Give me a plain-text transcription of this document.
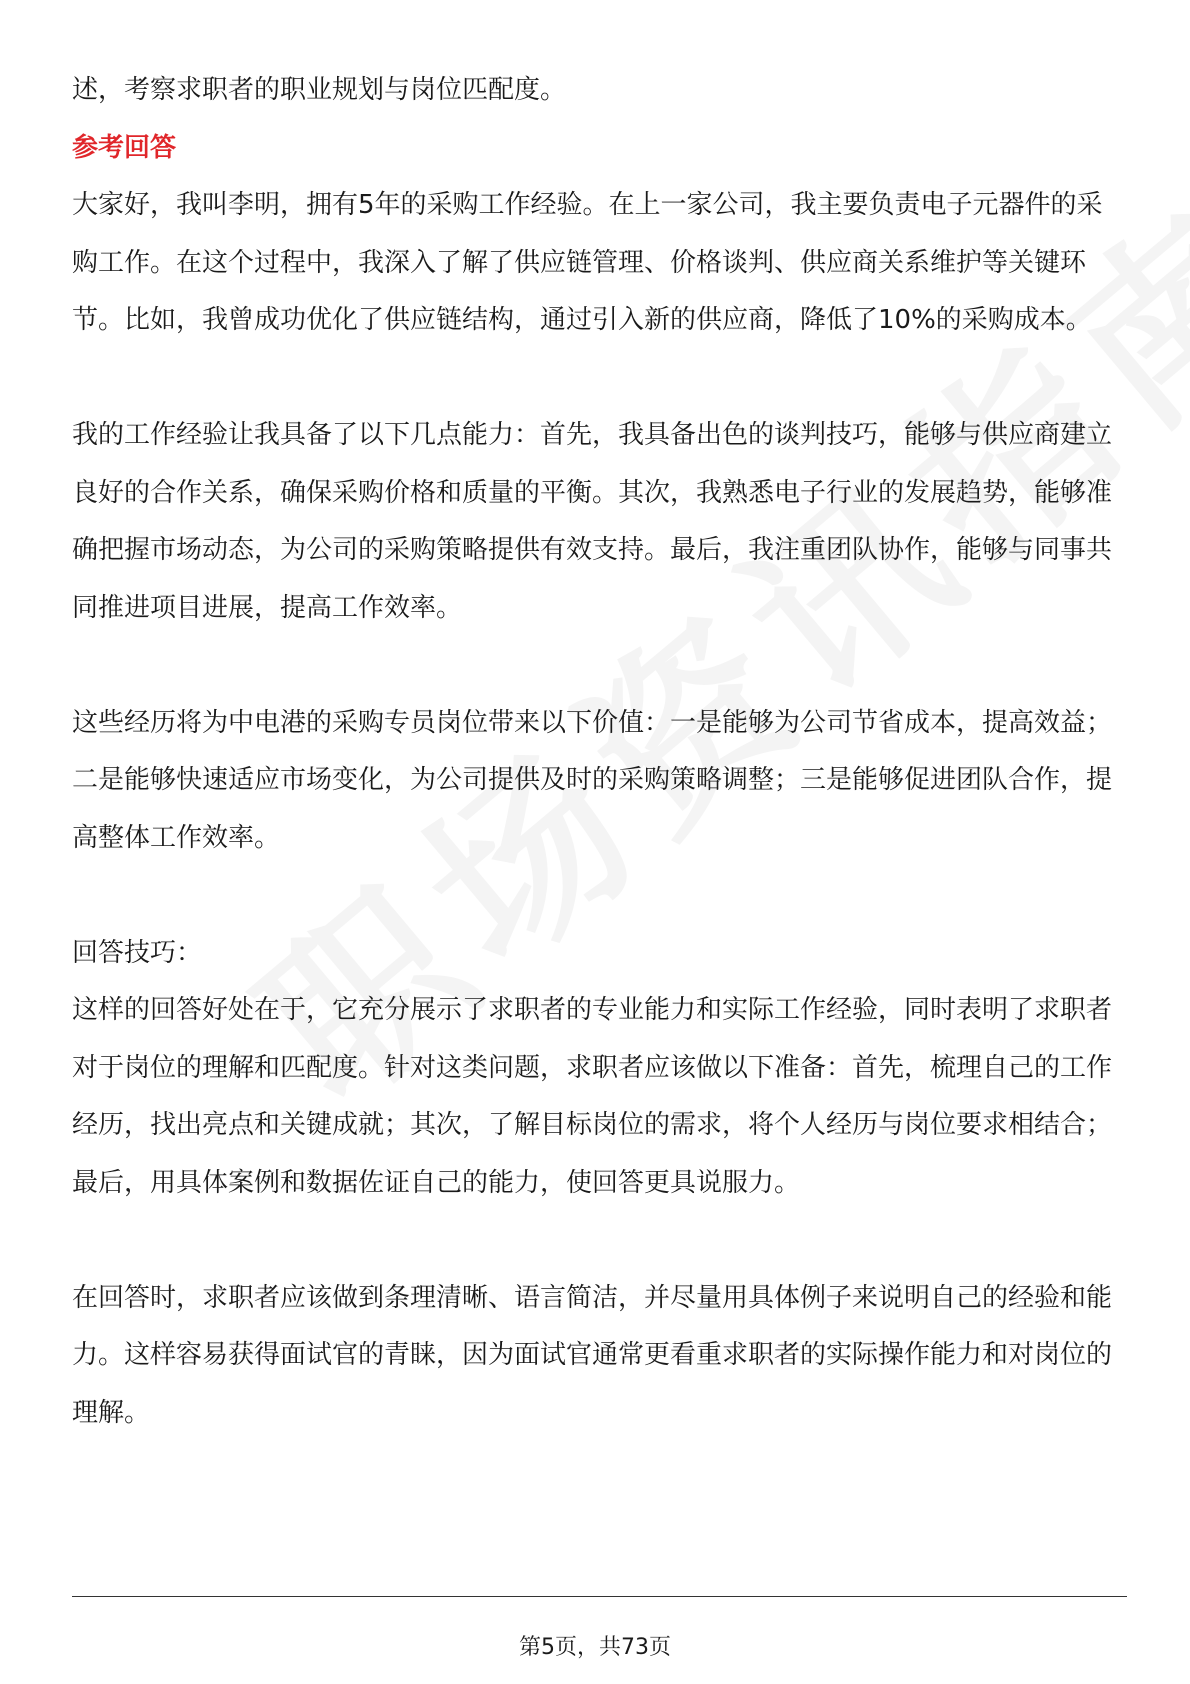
述，考察求职者的职业规划与岗位匹配度。

参考回答

大家好，我叫李明，拥有5年的采购工作经验。在上一家公司，我主要负责电子元器件的采购工作。在这个过程中，我深入了解了供应链管理、价格谈判、供应商关系维护等关键环节。比如，我曾成功优化了供应链结构，通过引入新的供应商，降低了10%的采购成本。

我的工作经验让我具备了以下几点能力：首先，我具备出色的谈判技巧，能够与供应商建立良好的合作关系，确保采购价格和质量的平衡。其次，我熟悉电子行业的发展趋势，能够准确把握市场动态，为公司的采购策略提供有效支持。最后，我注重团队协作，能够与同事共同推进项目进展，提高工作效率。

这些经历将为中电港的采购专员岗位带来以下价值：一是能够为公司节省成本，提高效益；二是能够快速适应市场变化，为公司提供及时的采购策略调整；三是能够促进团队合作，提高整体工作效率。

回答技巧：

这样的回答好处在于，它充分展示了求职者的专业能力和实际工作经验，同时表明了求职者对于岗位的理解和匹配度。针对这类问题，求职者应该做以下准备：首先，梳理自己的工作经历，找出亮点和关键成就；其次，了解目标岗位的需求，将个人经历与岗位要求相结合；最后，用具体案例和数据佐证自己的能力，使回答更具说服力。

在回答时，求职者应该做到条理清晰、语言简洁，并尽量用具体例子来说明自己的经验和能力。这样容易获得面试官的青睐，因为面试官通常更看重求职者的实际操作能力和对岗位的理解。

第5页，共73页
